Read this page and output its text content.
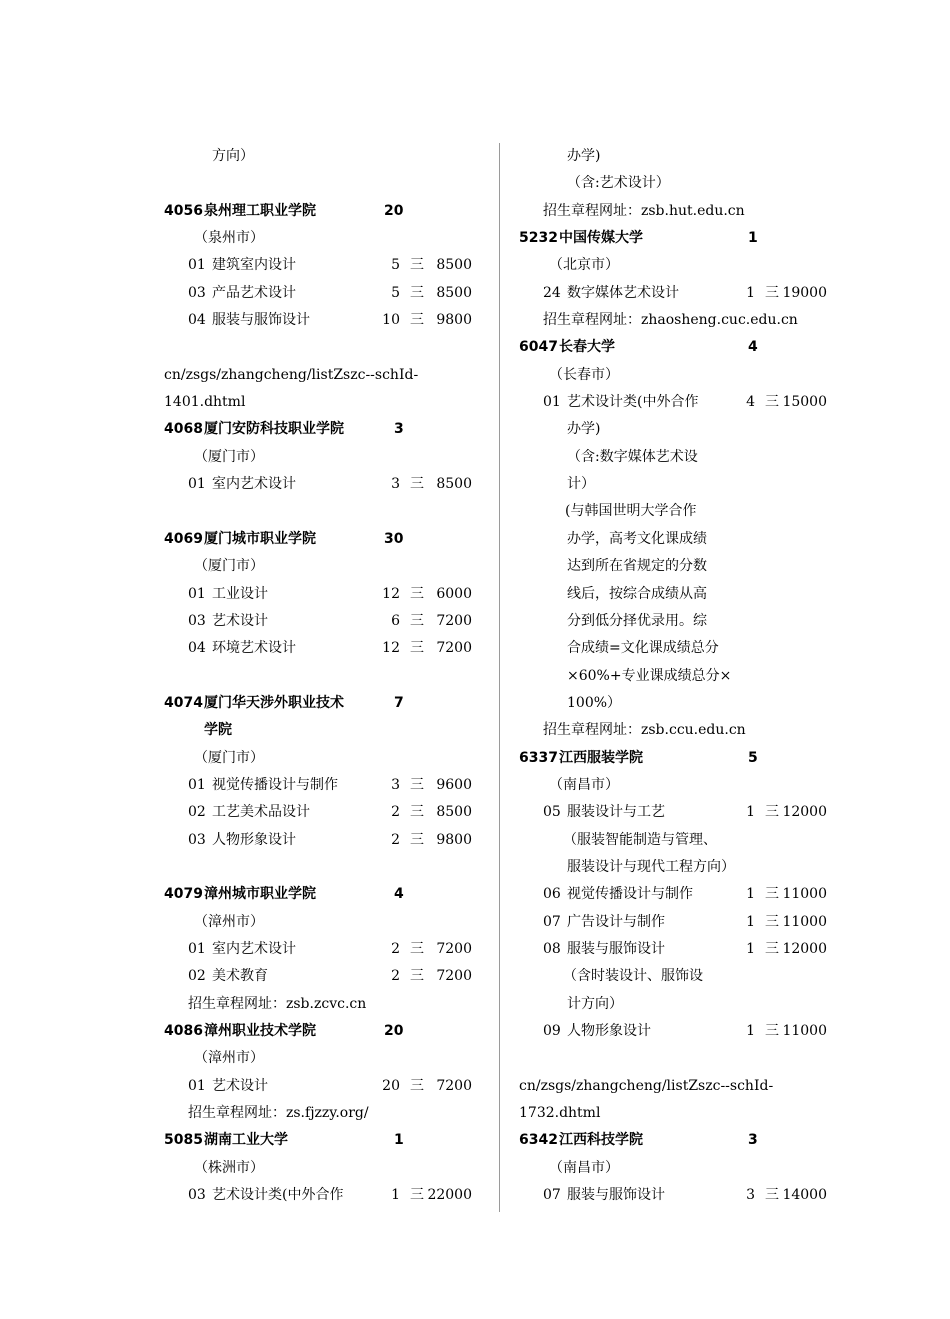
方向）
4056 泉州理工职业学院	20
（泉州市）
01 建筑室内设计	5 三 8500
03 产品艺术设计	5 三 8500
04 服装与服饰设计	10 三 9800
cn/zsgs/zhangcheng/listZszc--schId-
1401.dhtml
4068 厦门安防科技职业学院	3
（厦门市）
01 室内艺术设计	3 三 8500
4069 厦门城市职业学院	30
（厦门市）
01 工业设计	12 三 6000
03 艺术设计	6 三 7200
04 环境艺术设计	12 三 7200
4074 厦门华天涉外职业技术	7
学院
（厦门市）
01 视觉传播设计与制作	3 三 9600
02 工艺美术品设计	2 三 8500
03 人物形象设计	2 三 9800
4079 漳州城市职业学院	4
（漳州市）
01 室内艺术设计	2 三 7200
02 美术教育	2 三 7200
招生章程网址：zsb.zcvc.cn
4086 漳州职业技术学院	20
（漳州市）
01 艺术设计	20 三 7200
招生章程网址：zs.fjzzy.org/
5085 湖南工业大学	1
（株洲市）
03 艺术设计类(中外合作	1 三 22000
办学)
（含:艺术设计）
招生章程网址：zsb.hut.edu.cn
5232 中国传媒大学	1
（北京市）
24 数字媒体艺术设计	1 三 19000
招生章程网址：zhaosheng.cuc.edu.cn
6047 长春大学	4
（长春市）
01 艺术设计类(中外合作	4 三 15000
办学)
（含:数字媒体艺术设
计）
(与韩国世明大学合作
办学，高考文化课成绩
达到所在省规定的分数
线后，按综合成绩从高
分到低分择优录用。综
合成绩=文化课成绩总分
×60%+专业课成绩总分×
100%）
招生章程网址：zsb.ccu.edu.cn
6337 江西服装学院	5
（南昌市）
05 服装设计与工艺	1 三 12000
（服装智能制造与管理、
服装设计与现代工程方向）
06 视觉传播设计与制作	1 三 11000
07 广告设计与制作	1 三 11000
08 服装与服饰设计	1 三 12000
（含时装设计、服饰设
计方向）
09 人物形象设计	1 三 11000
cn/zsgs/zhangcheng/listZszc--schId-
1732.dhtml
6342 江西科技学院	3
（南昌市）
07 服装与服饰设计	3 三 14000
